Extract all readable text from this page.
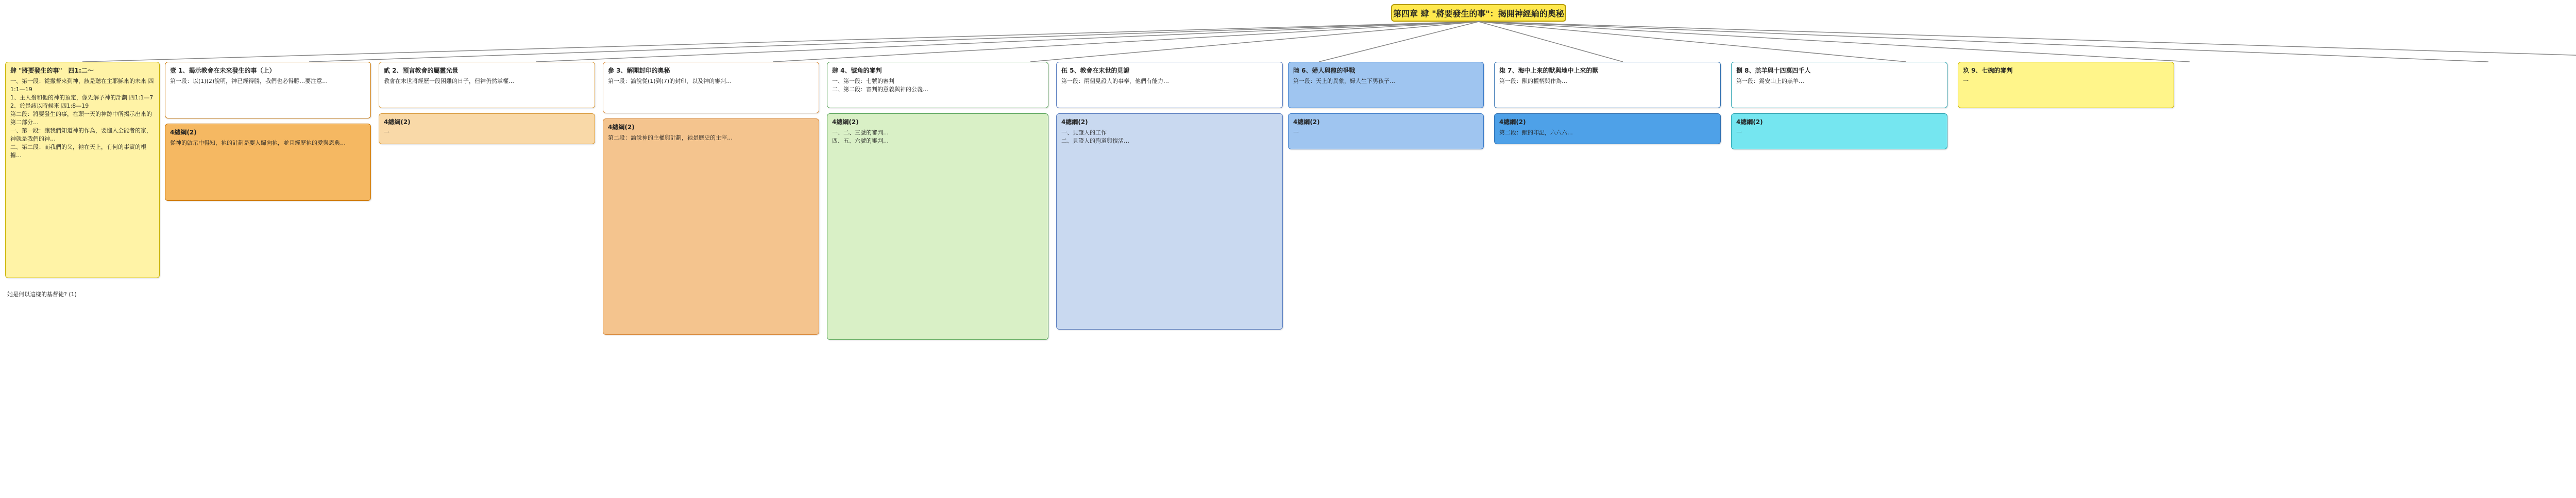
第四章 肆 "將要發生的事"：揭開神經綸的奧秘
肆 "將要發生的事"　四1:二～
一、第一段：從撒督來到神，該是聽在主耶穌來的未來 四1:1—19
1、主人翁和他的神的預定，像先解予神的計劃 四1:1—7
2、於是該以時候來 四1:8—19
第二段：將要發生的事，在頭一天的神跡中所揭示出來的 第二部分…
一、第一段：讓我們知道神的作為，要進入全能者的家，神就是我們的神…
二、第二段：而我們的父，祂在天上，有何的事實的根據…
壹 1、揭示教會在未來發生的事（上）
第一段：以(1)(2)說明，神已經得勝，我們也必得勝…要注意…
4總綱(2)
從神的啟示中得知，祂的計劃是要人歸向祂，並且經歷祂的愛與恩典…
貳 2、預言教會的屬靈光景
教會在末世將經歷一段困難的日子，但神仍然掌權…
4總綱(2)
一
參 3、解開封印的奧秘
第一段：論說從(1)到(7)的封印，以及神的審判…
4總綱(2)
第二段：論說神的主權與計劃，祂是歷史的主宰…
肆 4、號角的審判
一、第一段：七號的審判
二、第二段：審判的意義與神的公義…
4總綱(2)
一、二、三號的審判…
四、五、六號的審判…
伍 5、教會在末世的見證
第一段：兩個見證人的事奉，他們有能力…
4總綱(2)
一、見證人的工作
二、見證人的殉道與復活…
陸 6、婦人與龍的爭戰
第一段：天上的異象，婦人生下男孩子…
4總綱(2)
一
柒 7、海中上來的獸與地中上來的獸
第一段：獸的權柄與作為…
4總綱(2)
第二段：獸的印記，六六六…
捌 8、羔羊與十四萬四千人
第一段：錫安山上的羔羊…
4總綱(2)
一
玖 9、七碗的審判
一
她是何以這樣的基督徒? (1)
